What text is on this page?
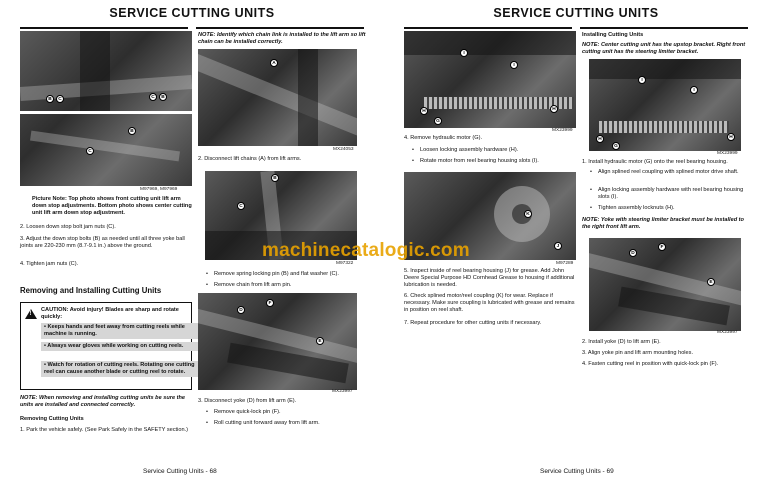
SERVICE CUTTING UNITS
B	C	C	B
B
C
M97969, M97969
Picture Note: Top photo shows front cutting unit lift arm down stop adjustments. Bottom photo shows center cutting unit lift arm down stop adjustment.
2. Loosen down stop bolt jam nuts (C).
3. Adjust the down stop bolts (B) as needed until all three yoke ball joints are 220-230 mm (8.7-9.1 in.) above the ground.
4. Tighten jam nuts (C).
Removing and Installing Cutting Units
!
CAUTION: Avoid injury! Blades are sharp and rotate quickly:
• Keeps hands and feet away from cutting reels while machine is running.
• Always wear gloves while working on cutting reels.
• Watch for rotation of cutting reels. Rotating one cutting reel can cause another blade or cutting reel to rotate.
NOTE: When removing and installing cutting units be sure the units are installed and connected correctly.
Removing Cutting Units
1. Park the vehicle safely. (See Park Safely in the SAFETY section.)
NOTE: Identify which chain link is installed to the lift arm so lift chain can be installed correctly.
A
MX24053
2. Disconnect lift chains (A) from lift arms.
B
C
M97322
• Remove spring locking pin (B) and flat washer (C).
• Remove chain from lift arm pin.
F
D
E
MX23997
3. Disconnect yoke (D) from lift arm (E).
• Remove quick-lock pin (F).
• Roll cutting unit forward away from lift arm.
Service Cutting Units - 68
SERVICE CUTTING UNITS
I
I
H	H
G
MX23999
4. Remove hydraulic motor (G).
• Loosen locking assembly hardware (H).
• Rotate motor from reel bearing housing slots (I).
K
J
M97289
5. Inspect inside of reel bearing housing (J) for grease. Add John Deere Special Purpose HD Cornhead Grease to housing if additional lubrication is needed.
6. Check splined motor/reel coupling (K) for wear. Replace if necessary. Make sure coupling is lubricated with grease and remains in position on reel shaft.
7. Repeat procedure for other cutting units if necessary.
Installing Cutting Units
NOTE: Center cutting unit has the upstop bracket. Right front cutting unit has the steering limiter bracket.
I
I
H	H
G
MX23999
1. Install hydraulic motor (G) onto the reel bearing housing.
• Align splined reel coupling with splined motor drive shaft.
• Align locking assembly hardware with reel bearing housing slots (I).
• Tighten assembly locknuts (H).
NOTE: Yoke with steering limiter bracket must be installed to the right front lift arm.
F
D
E
MX23997
2. Install yoke (D) to lift arm (E).
3. Align yoke pin and lift arm mounting holes.
4. Fasten cutting reel in position with quick-lock pin (F).
Service Cutting Units - 69
machinecatalogic.com
